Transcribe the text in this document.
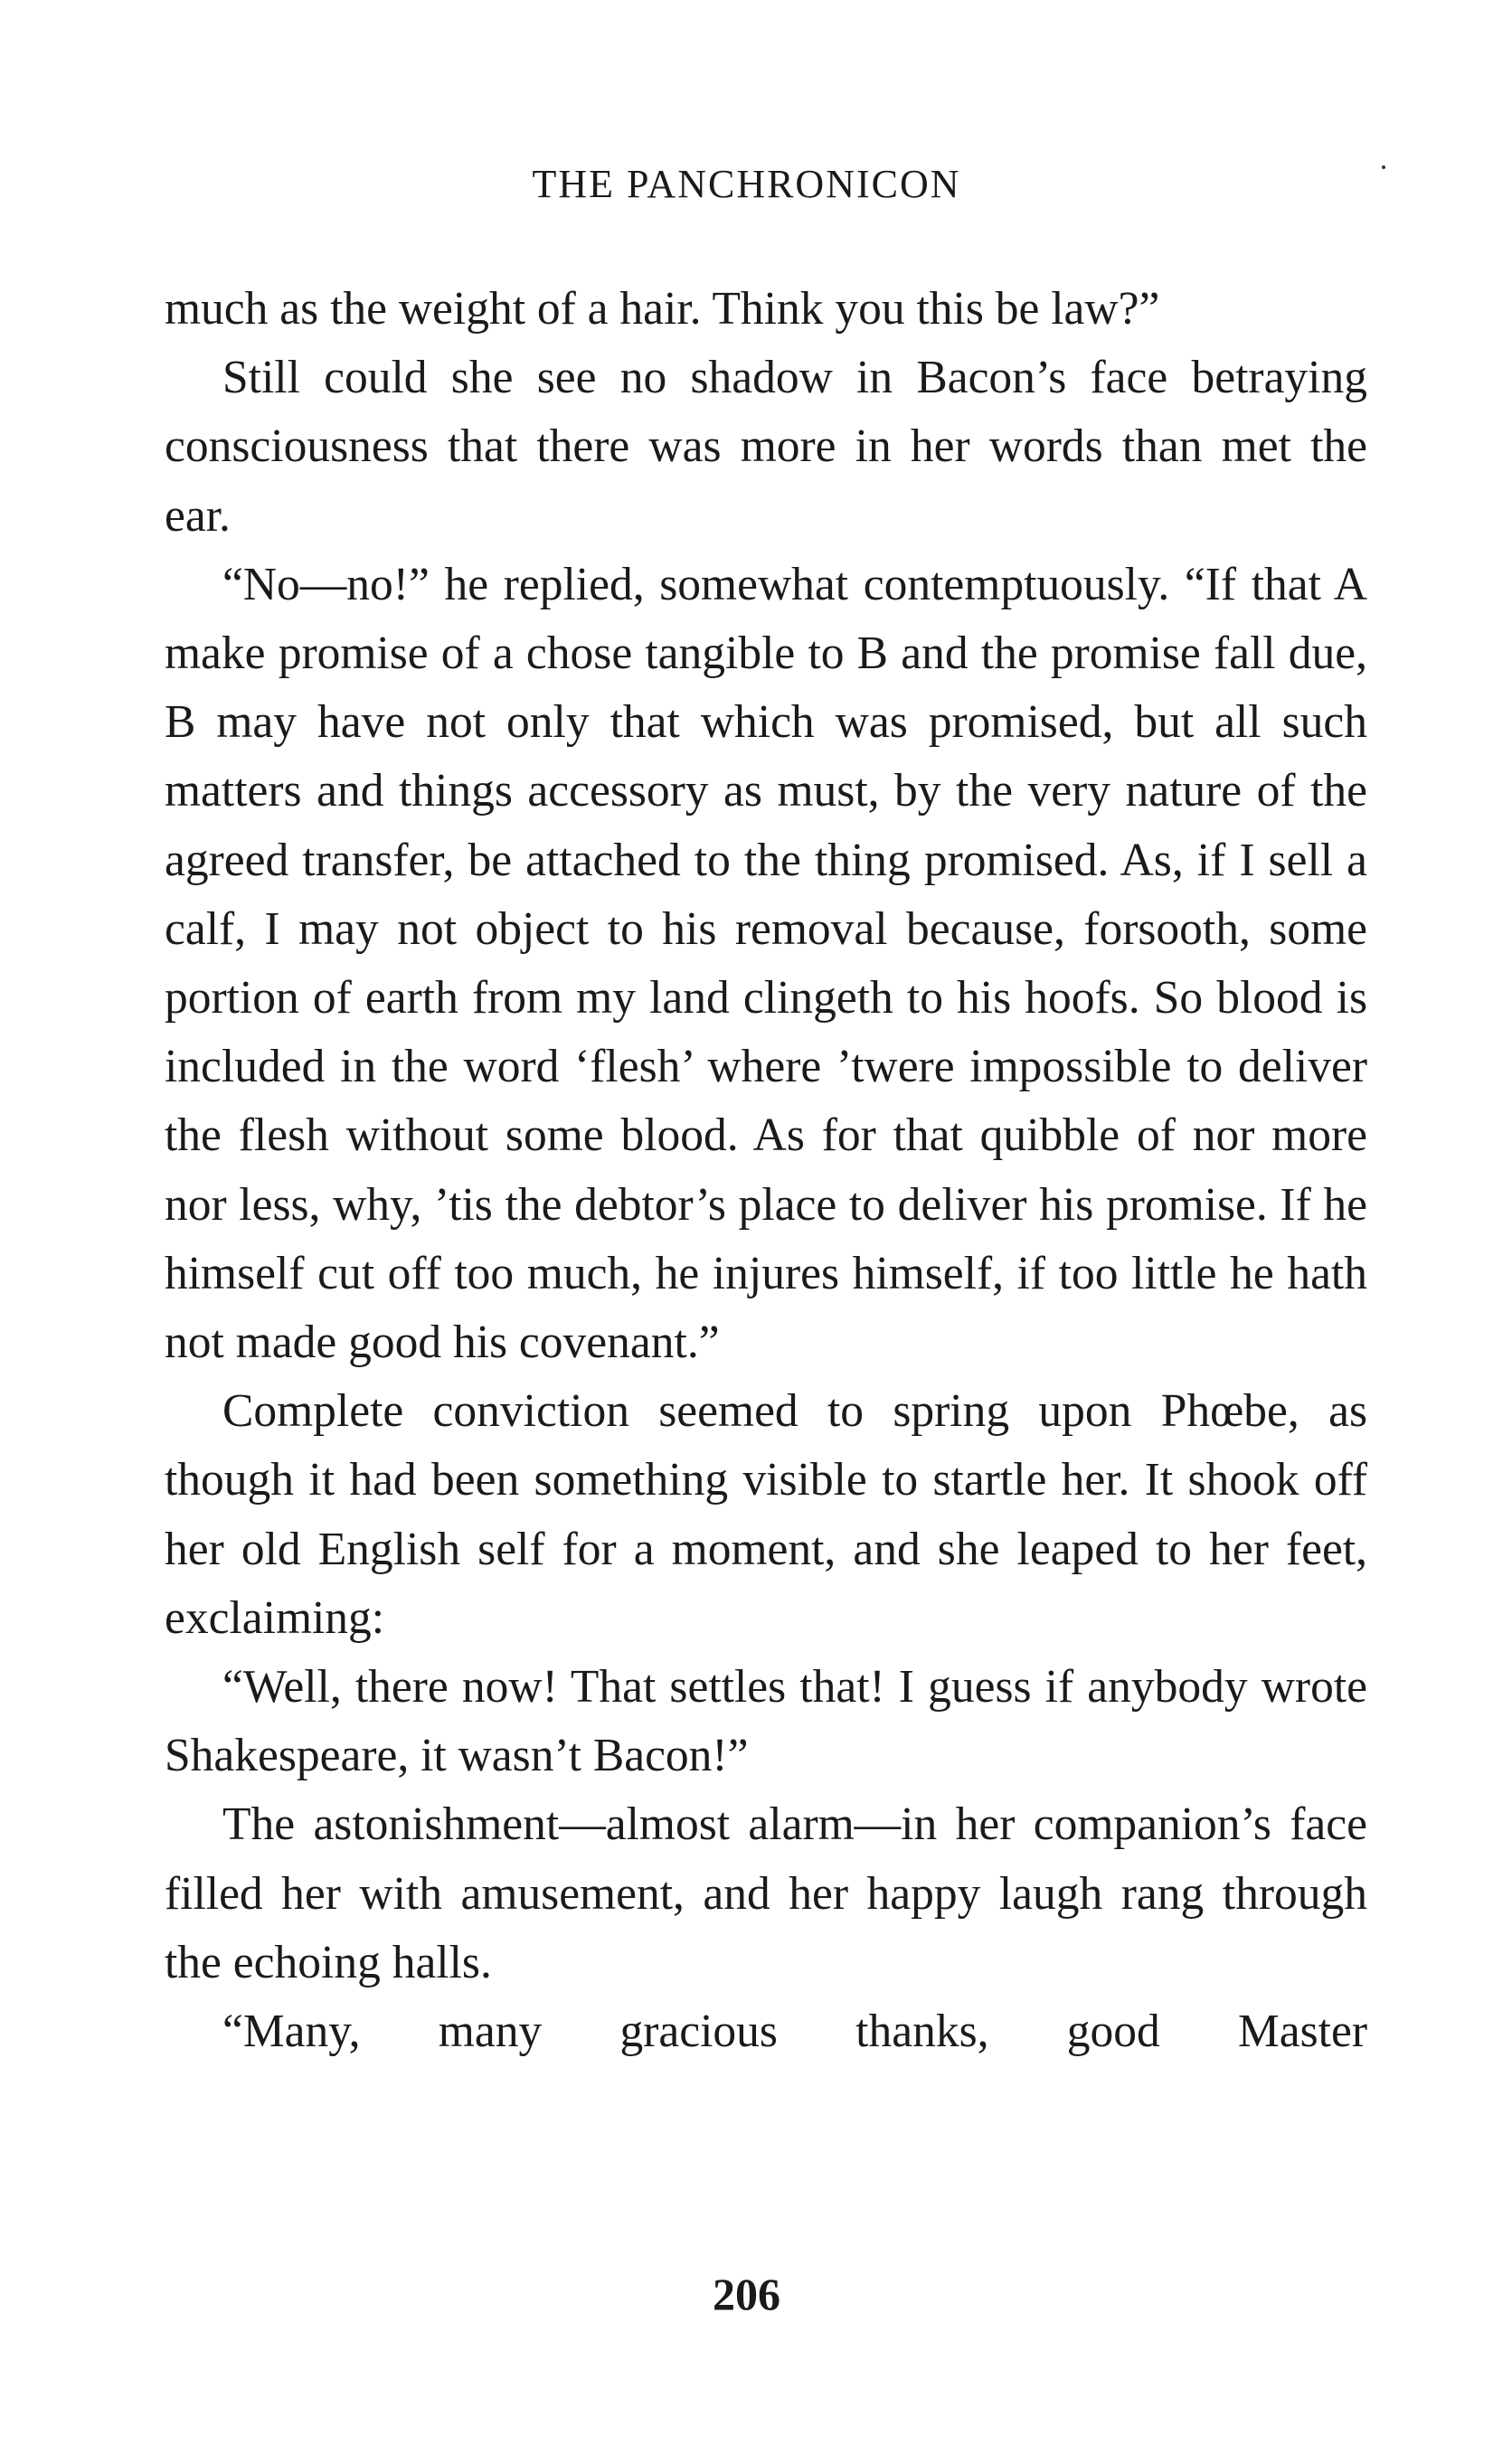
THE PANCHRONICON

much as the weight of a hair. Think you this be law?”

Still could she see no shadow in Bacon’s face betraying consciousness that there was more in her words than met the ear.

“No—no!” he replied, somewhat contemptuously. “If that A make promise of a chose tangible to B and the promise fall due, B may have not only that which was promised, but all such matters and things accessory as must, by the very nature of the agreed transfer, be attached to the thing promised. As, if I sell a calf, I may not object to his removal because, forsooth, some portion of earth from my land clingeth to his hoofs. So blood is included in the word ‘flesh’ where ’twere impossible to deliver the flesh without some blood. As for that quibble of nor more nor less, why, ’tis the debtor’s place to deliver his promise. If he himself cut off too much, he injures himself, if too little he hath not made good his covenant.”

Complete conviction seemed to spring upon Phœbe, as though it had been something visible to startle her. It shook off her old English self for a moment, and she leaped to her feet, exclaiming:

“Well, there now! That settles that! I guess if anybody wrote Shakespeare, it wasn’t Bacon!”

The astonishment—almost alarm—in her companion’s face filled her with amusement, and her happy laugh rang through the echoing halls.

“Many, many gracious thanks, good Master

206
